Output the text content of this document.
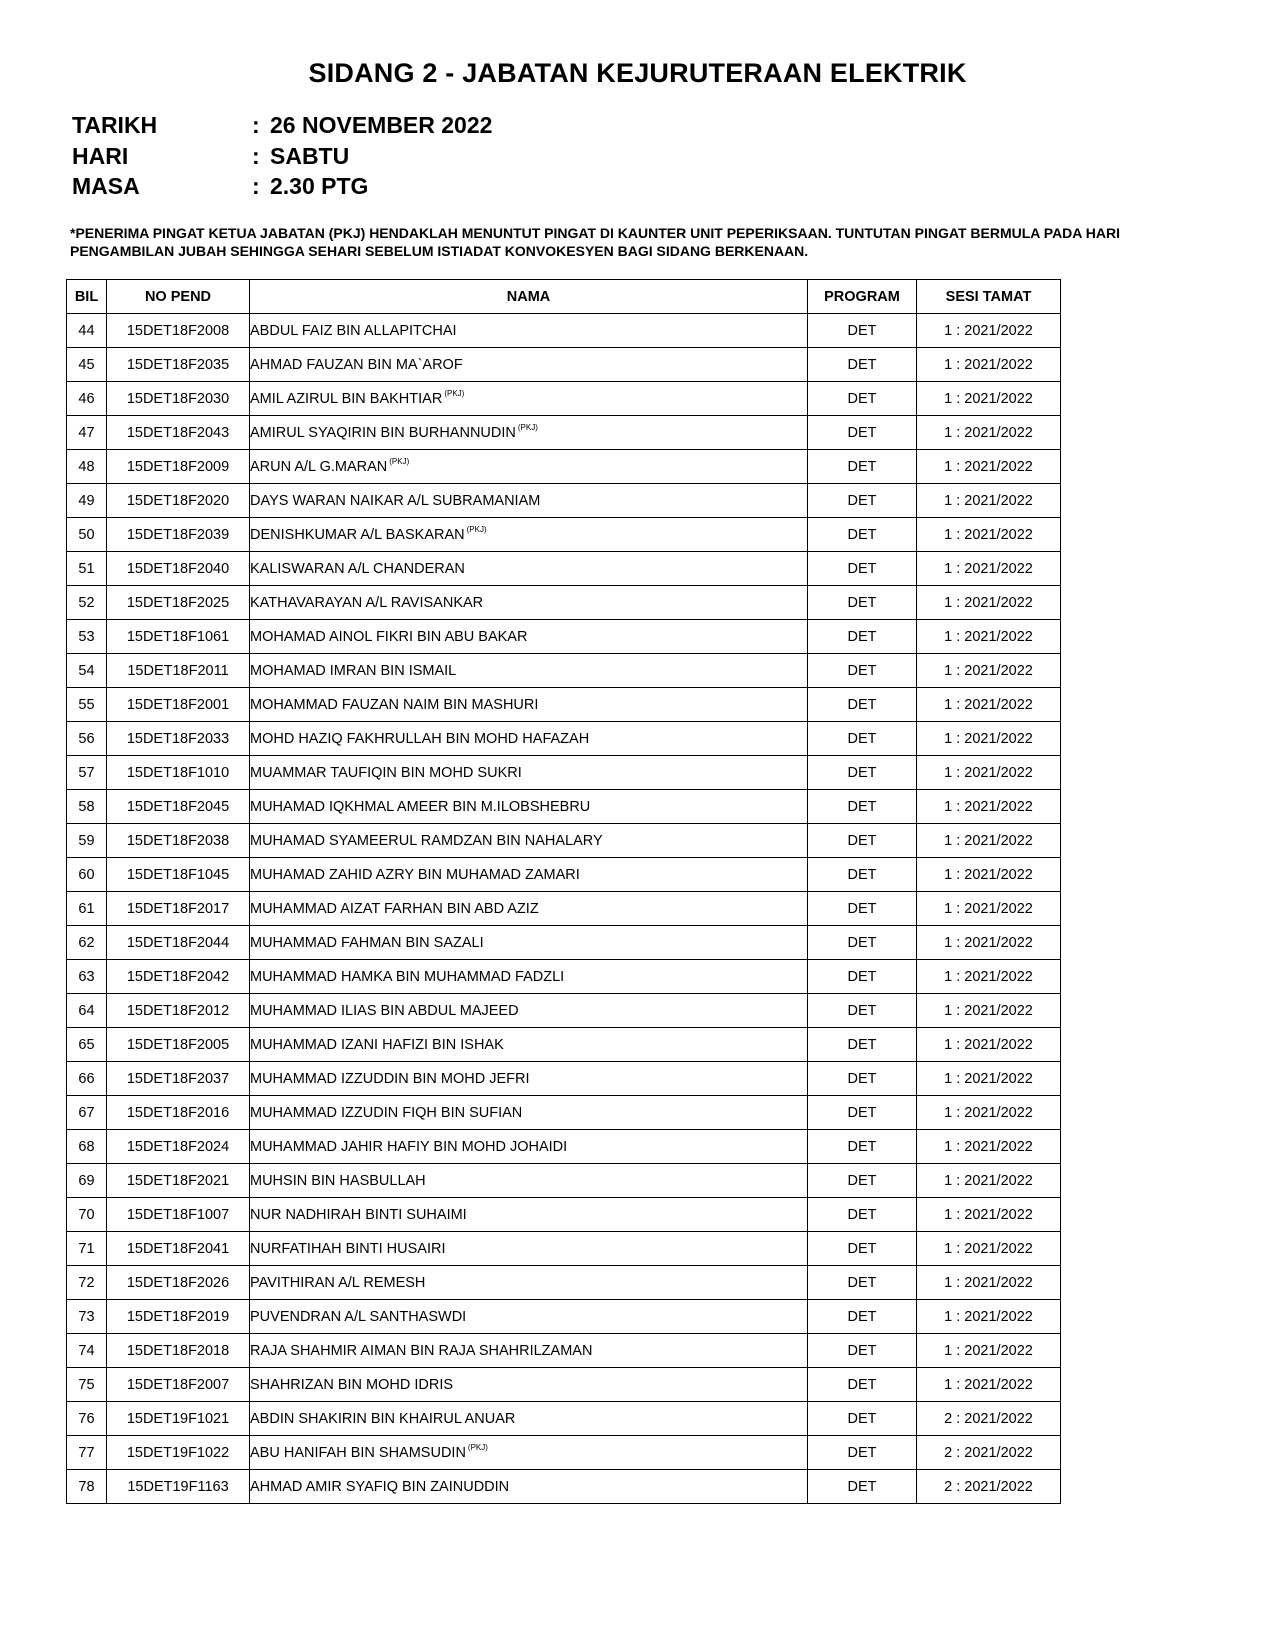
SIDANG 2 - JABATAN KEJURUTERAAN ELEKTRIK
TARIKH	: 26 NOVEMBER 2022
HARI	: SABTU
MASA	: 2.30 PTG
*PENERIMA PINGAT KETUA JABATAN (PKJ) HENDAKLAH MENUNTUT PINGAT DI KAUNTER UNIT PEPERIKSAAN. TUNTUTAN PINGAT BERMULA PADA HARI PENGAMBILAN JUBAH SEHINGGA SEHARI SEBELUM ISTIADAT KONVOKESYEN BAGI SIDANG BERKENAAN.
BIL	NO PEND	NAMA	PROGRAM	SESI TAMAT
44	15DET18F2008	ABDUL FAIZ BIN ALLAPITCHAI	DET	1 : 2021/2022
45	15DET18F2035	AHMAD FAUZAN BIN MA`AROF	DET	1 : 2021/2022
46	15DET18F2030	AMIL AZIRUL BIN BAKHTIAR $^{(PKJ)}$	DET	1 : 2021/2022
47	15DET18F2043	AMIRUL SYAQIRIN BIN BURHANNUDIN $^{(PKJ)}$	DET	1 : 2021/2022
48	15DET18F2009	ARUN A/L G.MARAN $^{(PKJ)}$	DET	1 : 2021/2022
49	15DET18F2020	DAYS WARAN NAIKAR A/L SUBRAMANIAM	DET	1 : 2021/2022
50	15DET18F2039	DENISHKUMAR A/L BASKARAN $^{(PKJ)}$	DET	1 : 2021/2022
51	15DET18F2040	KALISWARAN A/L CHANDERAN	DET	1 : 2021/2022
52	15DET18F2025	KATHAVARAYAN A/L RAVISANKAR	DET	1 : 2021/2022
53	15DET18F1061	MOHAMAD AINOL FIKRI BIN ABU BAKAR	DET	1 : 2021/2022
54	15DET18F2011	MOHAMAD IMRAN BIN ISMAIL	DET	1 : 2021/2022
55	15DET18F2001	MOHAMMAD FAUZAN NAIM BIN MASHURI	DET	1 : 2021/2022
56	15DET18F2033	MOHD HAZIQ FAKHRULLAH BIN MOHD HAFAZAH	DET	1 : 2021/2022
57	15DET18F1010	MUAMMAR TAUFIQIN BIN MOHD SUKRI	DET	1 : 2021/2022
58	15DET18F2045	MUHAMAD IQKHMAL AMEER BIN M.ILOBSHEBRU	DET	1 : 2021/2022
59	15DET18F2038	MUHAMAD SYAMEERUL RAMDZAN BIN NAHALARY	DET	1 : 2021/2022
60	15DET18F1045	MUHAMAD ZAHID AZRY BIN MUHAMAD ZAMARI	DET	1 : 2021/2022
61	15DET18F2017	MUHAMMAD AIZAT FARHAN BIN ABD AZIZ	DET	1 : 2021/2022
62	15DET18F2044	MUHAMMAD FAHMAN BIN SAZALI	DET	1 : 2021/2022
63	15DET18F2042	MUHAMMAD HAMKA BIN MUHAMMAD FADZLI	DET	1 : 2021/2022
64	15DET18F2012	MUHAMMAD ILIAS BIN ABDUL MAJEED	DET	1 : 2021/2022
65	15DET18F2005	MUHAMMAD IZANI HAFIZI BIN ISHAK	DET	1 : 2021/2022
66	15DET18F2037	MUHAMMAD IZZUDDIN BIN MOHD JEFRI	DET	1 : 2021/2022
67	15DET18F2016	MUHAMMAD IZZUDIN FIQH BIN SUFIAN	DET	1 : 2021/2022
68	15DET18F2024	MUHAMMAD JAHIR HAFIY BIN MOHD JOHAIDI	DET	1 : 2021/2022
69	15DET18F2021	MUHSIN BIN HASBULLAH	DET	1 : 2021/2022
70	15DET18F1007	NUR NADHIRAH BINTI SUHAIMI	DET	1 : 2021/2022
71	15DET18F2041	NURFATIHAH BINTI HUSAIRI	DET	1 : 2021/2022
72	15DET18F2026	PAVITHIRAN A/L REMESH	DET	1 : 2021/2022
73	15DET18F2019	PUVENDRAN A/L SANTHASWDI	DET	1 : 2021/2022
74	15DET18F2018	RAJA SHAHMIR AIMAN BIN RAJA SHAHRILZAMAN	DET	1 : 2021/2022
75	15DET18F2007	SHAHRIZAN BIN MOHD IDRIS	DET	1 : 2021/2022
76	15DET19F1021	ABDIN SHAKIRIN BIN KHAIRUL ANUAR	DET	2 : 2021/2022
77	15DET19F1022	ABU HANIFAH BIN SHAMSUDIN $^{(PKJ)}$	DET	2 : 2021/2022
78	15DET19F1163	AHMAD AMIR SYAFIQ BIN ZAINUDDIN	DET	2 : 2021/2022
